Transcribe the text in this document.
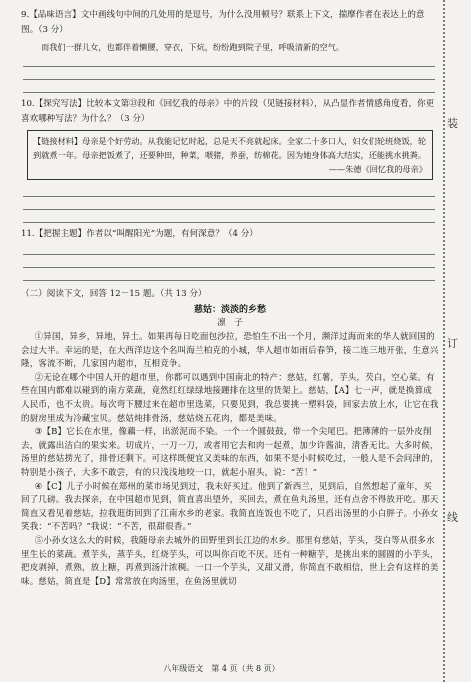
装
订
线

9.【品味语言】文中画线句中间的几处用的是逗号，为什么没用顿号？联系上下文，揣摩作者在表达上的意图。（3 分）

而我们一群儿女，也都伴着懒腰，穿衣，下炕，纷纷跑到院子里，呼吸清新的空气。

10.【探究写法】比较本文第⑬段和《回忆我的母亲》中的片段（见链接材料），从凸显作者情感角度看，你更喜欢哪种写法？为什么？（3 分）

【链接材料】母亲是个好劳动。从我能记忆时起，总是天不亮就起床。全家二十多口人，妇女们轮班烧饭，轮到就煮一年。母亲把饭煮了，还要种田，种菜，喂猪，养蚕，纺棉花。因为她身体高大结实，还能挑水挑粪。
——朱德《回忆我的母亲》

11.【把握主题】作者以“叫醒阳光”为题，有何深意？（4 分）

（二）阅读下文，回答 12－15 题。（共 13 分）

慈姑：淡淡的乡愁

凛　子

①异国，异乡，异地，异土。如果再每日吃面包沙拉，恐怕生不出一个月，濒洋过海而来的华人就回国的会过大半。幸运的是，在大西洋边这个名叫海兰柏克的小城，华人超市如雨后春笋，接二连三地开张，生意兴隆，客流不断，几家国内超市，互相竞争。

②无论在哪个中国人开的超市里，你都可以遇到中国南北的特产：慈姑，红薯，芋头，芡白，空心菜。有些在国内都难以碰到的南方菜蔬，竟然红红绿绿地接踵排在这里的货架上。慈姑，【A】七一声，就是换算成人民币，也不太贵。每次弯下腰过来在超市里选菜，只要见到，我总要挑一塑料袋，回家去放上水，让它在我的厨房里成为冷藏宝贝。慈姑炖排骨汤，慈姑烧五花肉，都是美味。

③【B】它长在水里，像藕一样，出淤泥而不染。一个一个圆鼓鼓，带一个尖尾巴。把薄薄的一层外皮削去，就露出洁白的果实来。切成片，一刀一刀，或者用它去和肉一起煮，加少许酱油，清香无比。大多时候，汤里的慈姑捞光了，排骨还剩下。可这样既便宜又美味的东西，如果不是小时候吃过，一般人是不会问津的，特别是小孩子，大多不敢尝，有的只浅浅地咬一口，就起小眉头，说：“苦！”

④【C】儿子小时候在郑州的菜市场见到过，我未好买过。他到了新西兰，见到后，自然想起了童年，买回了几磅。我去探亲，在中国超市见到，简直喜出望外，买回去，煮在鱼丸汤里，还有点舍不得放开吃。那天简直又看见着慈姑，拉我逛街回到了江南水乡的老家。我简直连饭也不吃了，只舀出汤里的小白胖子。小孙女笑我：“不苦吗？”我说：“不苦，很甜很香。”

⑤小孙女这么大的时候，我随母亲去城外的田野里到长江边的水乡。那里有慈姑，芋头，茭白等从很多水里生长的菜蔬。煮芋头，蒸芋头，红烧芋头，可以叫你百吃不厌。还有一种糖芋，是挑出来的圆圆的小芋头，把皮剥掉，煮熟，放上糖，再煮到汤汁浓稠。一口一个芋头，又甜又滑，你简直不敢相信，世上会有这样的美味。慈姑，简直是【D】常常放在肉汤里，在鱼汤里就切

八年级语文　第 4 页（共 8 页）
